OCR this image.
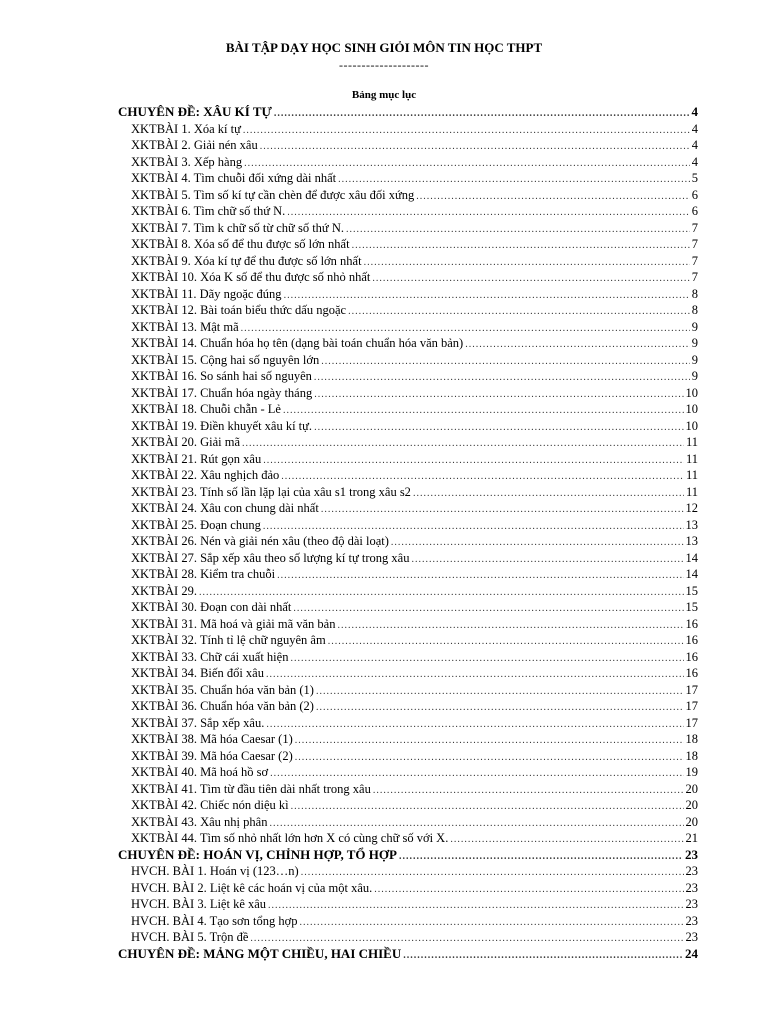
BÀI TẬP DẠY HỌC SINH GIỎI MÔN TIN HỌC THPT
--------------------
Bảng mục lục
CHUYÊN ĐỀ: XÂU KÍ TỰ .....	4
XKTBÀI 1. Xóa kí tự .....	4
XKTBÀI 2. Giải nén xâu .....	4
XKTBÀI 3. Xếp hàng .....	4
XKTBÀI 4. Tìm chuỗi đối xứng dài nhất .....	5
XKTBÀI 5. Tìm số kí tự cần chèn để được xâu đối xứng .....	6
XKTBÀI 6. Tìm chữ số thứ N. .....	6
XKTBÀI 7. Tìm k chữ số từ chữ số thứ N. .....	7
XKTBÀI 8. Xóa số để thu được số lớn nhất .....	7
XKTBÀI 9. Xóa kí tự để thu được số lớn nhất .....	7
XKTBÀI 10. Xóa K số để thu được số nhỏ nhất .....	7
XKTBÀI 11. Dãy ngoặc đúng .....	8
XKTBÀI 12. Bài toán biểu thức dấu ngoặc .....	8
XKTBÀI 13. Mật mã .....	9
XKTBÀI 14. Chuẩn hóa họ tên (dạng bài toán chuẩn hóa văn bản) .....	9
XKTBÀI 15. Cộng hai số nguyên lớn .....	9
XKTBÀI 16. So sánh hai số nguyên .....	9
XKTBÀI 17. Chuẩn hóa ngày tháng .....	10
XKTBÀI 18. Chuỗi chẵn - Lẻ .....	10
XKTBÀI 19. Điền khuyết xâu kí tự. .....	10
XKTBÀI 20. Giải mã .....	11
XKTBÀI 21. Rút gọn xâu .....	11
XKTBÀI 22. Xâu nghịch đảo .....	11
XKTBÀI 23. Tính số lần lặp lại của xâu s1 trong xâu s2 .....	11
XKTBÀI 24. Xâu con chung dài nhất .....	12
XKTBÀI 25. Đoạn chung .....	13
XKTBÀI 26. Nén và giải nén xâu (theo độ dài loạt) .....	13
XKTBÀI 27. Sắp xếp xâu theo số lượng kí tự trong xâu .....	14
XKTBÀI 28. Kiểm tra chuỗi .....	14
XKTBÀI 29. .....	15
XKTBÀI 30. Đoạn con dài nhất .....	15
XKTBÀI 31. Mã hoá và giải mã văn bản .....	16
XKTBÀI 32. Tính tỉ lệ chữ nguyên âm .....	16
XKTBÀI 33. Chữ cái xuất hiện .....	16
XKTBÀI 34. Biến đổi xâu .....	16
XKTBÀI 35. Chuẩn hóa văn bản (1) .....	17
XKTBÀI 36. Chuẩn hóa văn bản (2) .....	17
XKTBÀI 37. Sắp xếp xâu. .....	17
XKTBÀI 38. Mã hóa Caesar (1) .....	18
XKTBÀI 39. Mã hóa Caesar (2) .....	18
XKTBÀI 40. Mã hoá hồ sơ .....	19
XKTBÀI 41. Tìm từ đầu tiên dài nhất trong xâu .....	20
XKTBÀI 42. Chiếc nón diệu kì .....	20
XKTBÀI 43. Xâu nhị phân .....	20
XKTBÀI 44. Tìm số nhỏ nhất lớn hơn X có cùng chữ số với X. .....	21
CHUYÊN ĐỀ: HOÁN VỊ, CHỈNH HỢP, TỔ HỢP .....	23
HVCH. BÀI 1. Hoán vị (123…n) .....	23
HVCH. BÀI 2. Liệt kê các hoán vị của một xâu. .....	23
HVCH. BÀI 3. Liệt kê xâu .....	23
HVCH. BÀI 4. Tạo sơn tổng hợp .....	23
HVCH. BÀI 5. Trộn đề .....	23
CHUYÊN ĐỀ: MẢNG MỘT CHIỀU, HAI CHIỀU .....	24
